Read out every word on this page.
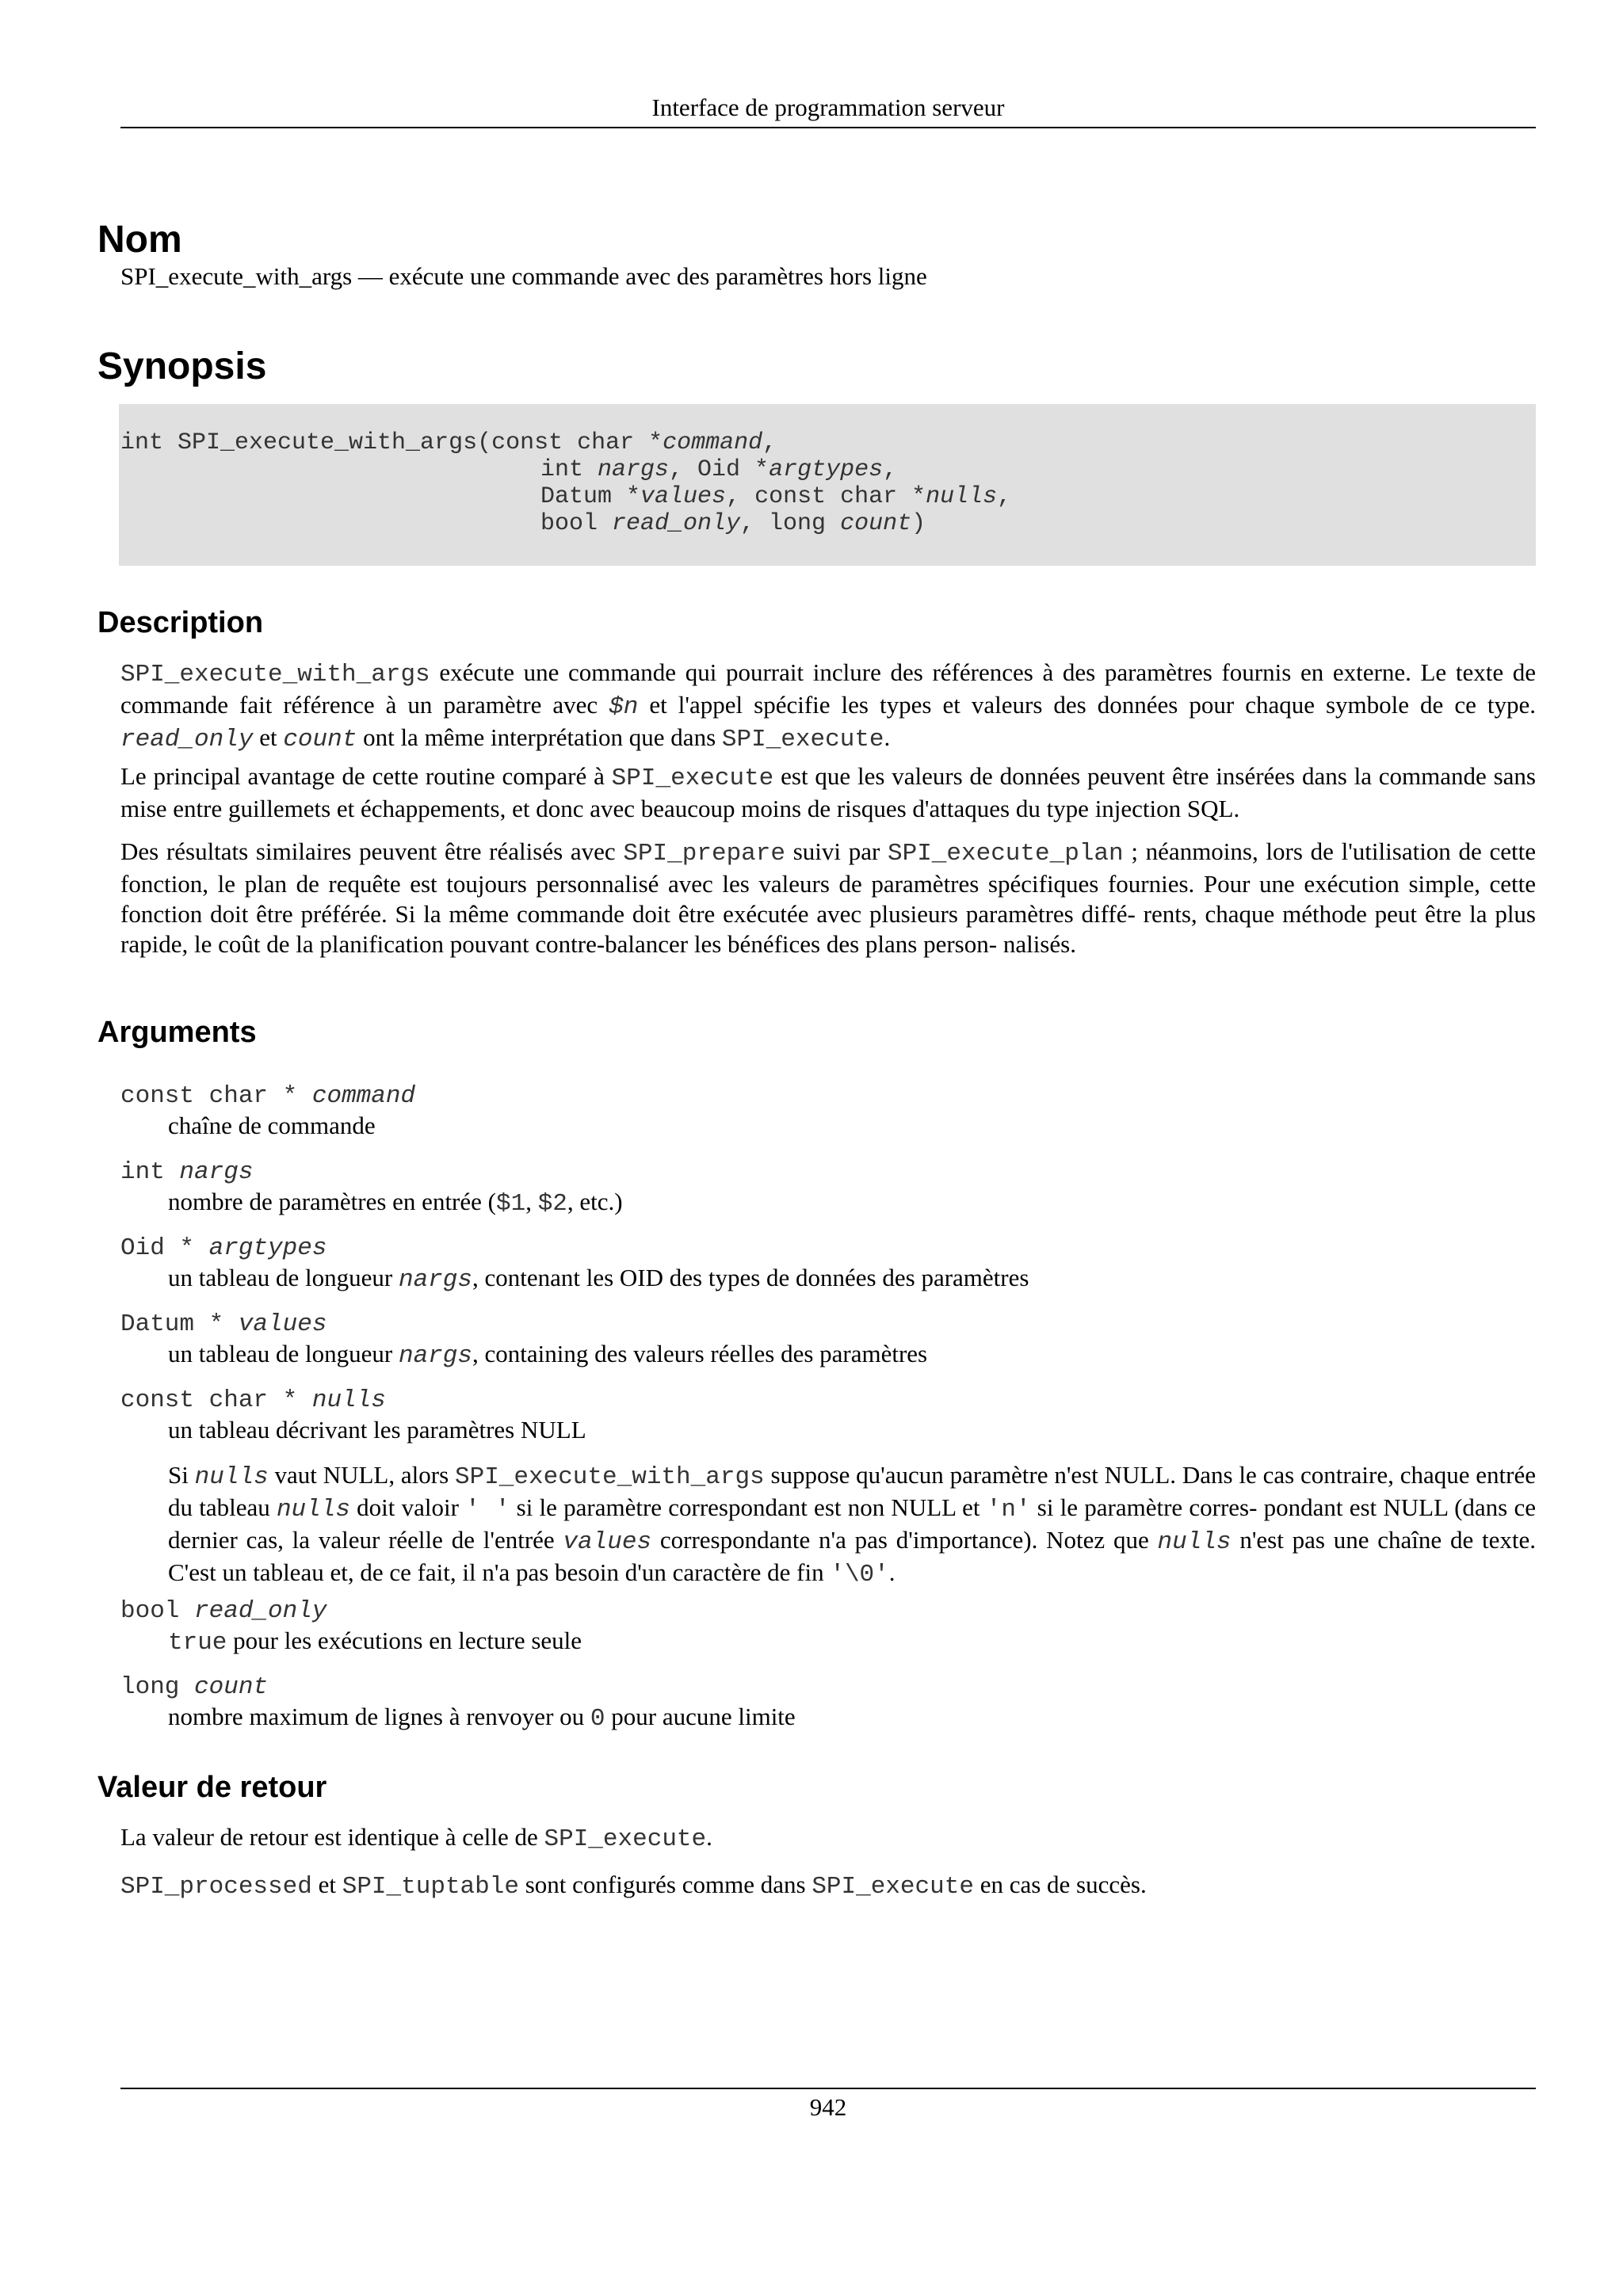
Interface de programmation serveur
Nom
SPI_execute_with_args — exécute une commande avec des paramètres hors ligne
Synopsis
int SPI_execute_with_args(const char *command,
int nargs, Oid *argtypes,
Datum *values, const char *nulls,
bool read_only, long count)
Description
SPI_execute_with_args exécute une commande qui pourrait inclure des références à des paramètres fournis en externe. Le texte de commande fait référence à un paramètre avec $n et l'appel spécifie les types et valeurs des données pour chaque symbole de ce type. read_only et count ont la même interprétation que dans SPI_execute.
Le principal avantage de cette routine comparé à SPI_execute est que les valeurs de données peuvent être insérées dans la commande sans mise entre guillemets et échappements, et donc avec beaucoup moins de risques d'attaques du type injection SQL.
Des résultats similaires peuvent être réalisés avec SPI_prepare suivi par SPI_execute_plan ; néanmoins, lors de l'utilisation de cette fonction, le plan de requête est toujours personnalisé avec les valeurs de paramètres spécifiques fournies. Pour une exécution simple, cette fonction doit être préférée. Si la même commande doit être exécutée avec plusieurs paramètres diffé- rents, chaque méthode peut être la plus rapide, le coût de la planification pouvant contre-balancer les bénéfices des plans person- nalisés.
Arguments
const char * command
chaîne de commande
int nargs
nombre de paramètres en entrée ($1, $2, etc.)
Oid * argtypes
un tableau de longueur nargs, contenant les OID des types de données des paramètres
Datum * values
un tableau de longueur nargs, containing des valeurs réelles des paramètres
const char * nulls
un tableau décrivant les paramètres NULL
Si nulls vaut NULL, alors SPI_execute_with_args suppose qu'aucun paramètre n'est NULL. Dans le cas contraire, chaque entrée du tableau nulls doit valoir ' ' si le paramètre correspondant est non NULL et 'n' si le paramètre corres- pondant est NULL (dans ce dernier cas, la valeur réelle de l'entrée values correspondante n'a pas d'importance). Notez que nulls n'est pas une chaîne de texte. C'est un tableau et, de ce fait, il n'a pas besoin d'un caractère de fin '\0'.
bool read_only
true pour les exécutions en lecture seule
long count
nombre maximum de lignes à renvoyer ou 0 pour aucune limite
Valeur de retour
La valeur de retour est identique à celle de SPI_execute.
SPI_processed et SPI_tuptable sont configurés comme dans SPI_execute en cas de succès.
942
